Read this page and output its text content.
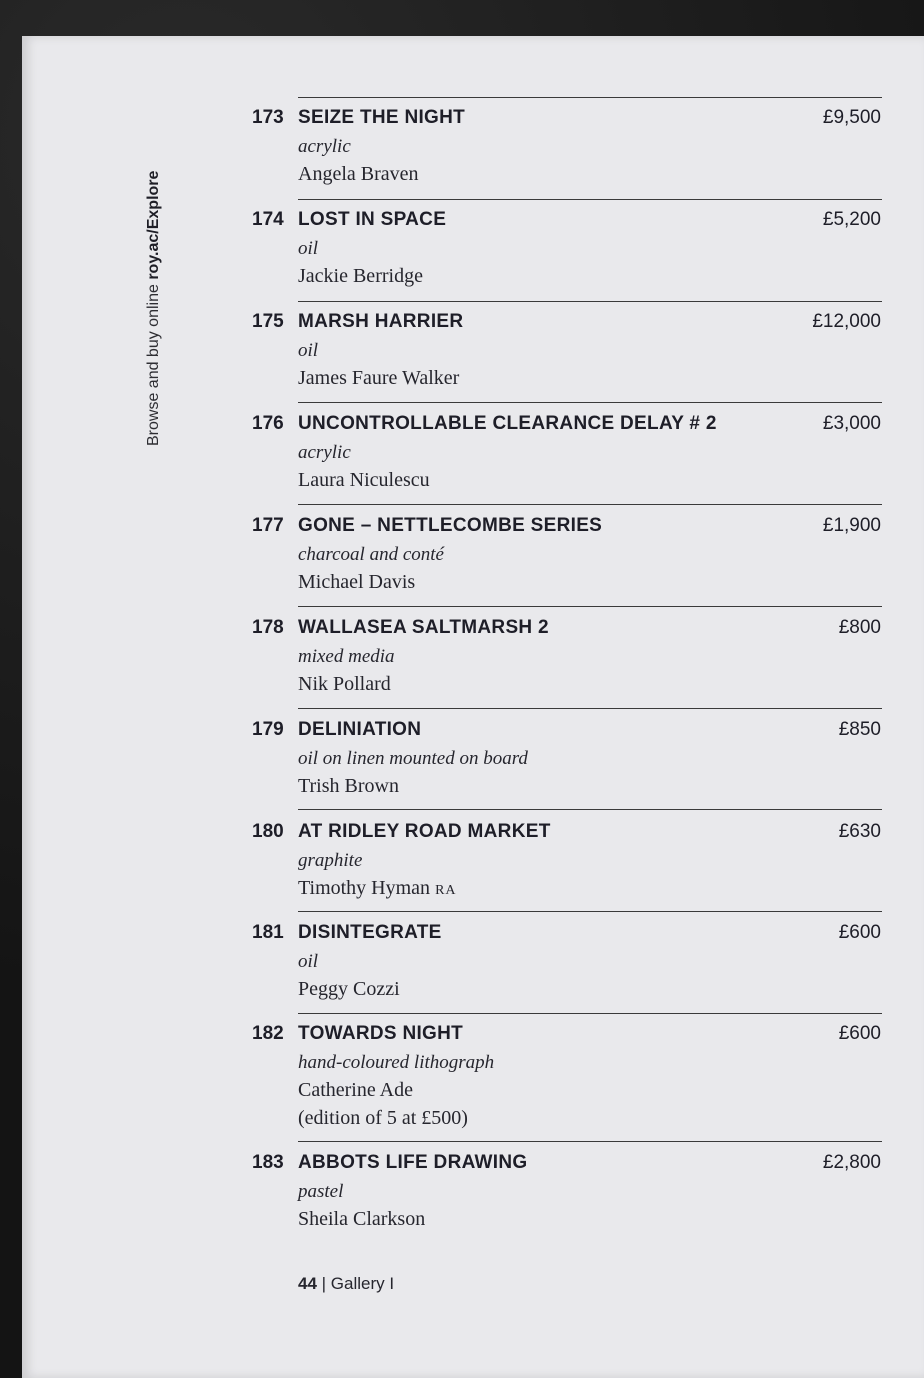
Browse and buy online roy.ac/Explore
173 SEIZE THE NIGHT	£9,500
acrylic
Angela Braven
174 LOST IN SPACE	£5,200
oil
Jackie Berridge
175 MARSH HARRIER	£12,000
oil
James Faure Walker
176 UNCONTROLLABLE CLEARANCE DELAY # 2	£3,000
acrylic
Laura Niculescu
177 GONE – NETTLECOMBE SERIES	£1,900
charcoal and conté
Michael Davis
178 WALLASEA SALTMARSH 2	£800
mixed media
Nik Pollard
179 DELINIATION	£850
oil on linen mounted on board
Trish Brown
180 AT RIDLEY ROAD MARKET	£630
graphite
Timothy Hyman RA
181 DISINTEGRATE	£600
oil
Peggy Cozzi
182 TOWARDS NIGHT	£600
hand-coloured lithograph
Catherine Ade
(edition of 5 at £500)
183 ABBOTS LIFE DRAWING	£2,800
pastel
Sheila Clarkson
44 | Gallery I
